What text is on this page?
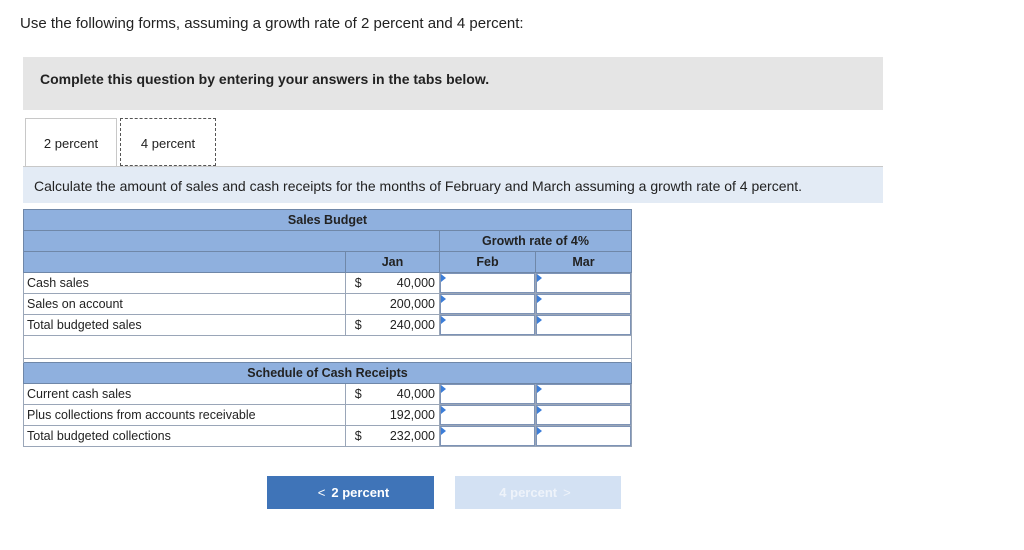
Use the following forms, assuming a growth rate of 2 percent and 4 percent:
Complete this question by entering your answers in the tabs below.
2 percent	4 percent
Calculate the amount of sales and cash receipts for the months of February and March assuming a growth rate of 4 percent.
Sales Budget				
			Growth rate of 4%	
	Jan		Feb	Mar
Cash sales	$	40,000		
Sales on account		200,000		
Total budgeted sales	$	240,000		

Schedule of Cash Receipts				
Current cash sales	$	40,000		
Plus collections from accounts receivable		192,000		
Total budgeted collections	$	232,000		
< 2 percent	4 percent >
